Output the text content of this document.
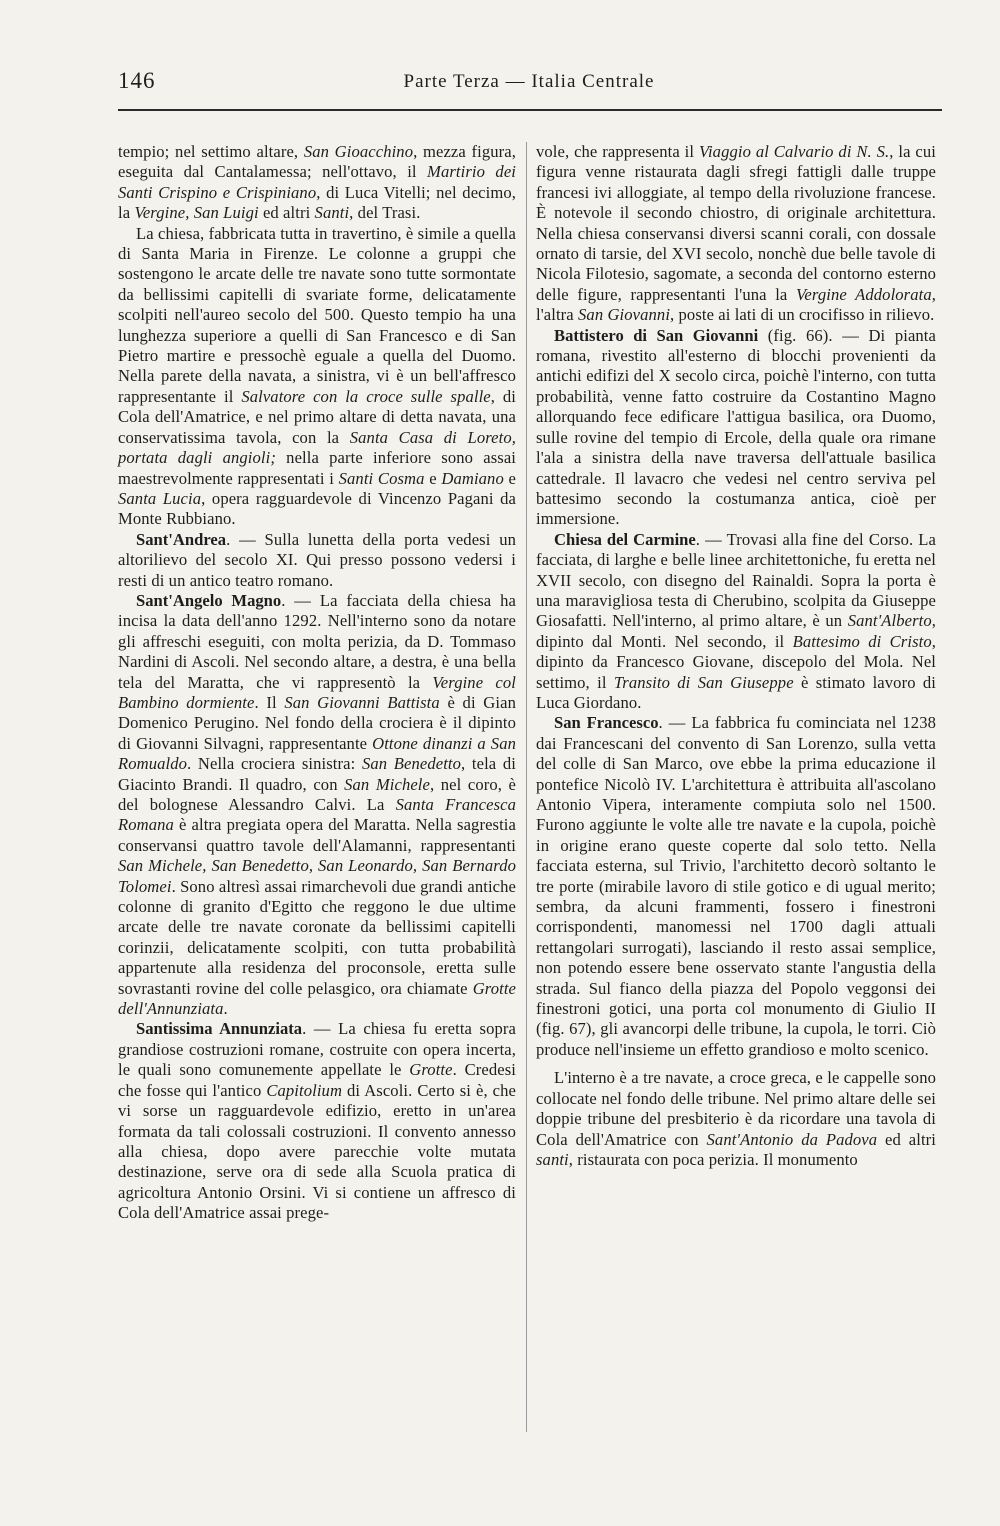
146	Parte Terza — Italia Centrale

tempio; nel settimo altare, San Gioacchino, mezza figura, eseguita dal Cantalamessa; nell'ottavo, il Martirio dei Santi Crispino e Crispiniano, di Luca Vitelli; nel decimo, la Vergine, San Luigi ed altri Santi, del Trasi.

La chiesa, fabbricata tutta in travertino, è simile a quella di Santa Maria in Firenze. Le colonne a gruppi che sostengono le arcate delle tre navate sono tutte sormontate da bellissimi capitelli di svariate forme, delicatamente scolpiti nell'aureo secolo del 500. Questo tempio ha una lunghezza superiore a quelli di San Francesco e di San Pietro martire e pressochè eguale a quella del Duomo. Nella parete della navata, a sinistra, vi è un bell'affresco rappresentante il Salvatore con la croce sulle spalle, di Cola dell'Amatrice, e nel primo altare di detta navata, una conservatissima tavola, con la Santa Casa di Loreto, portata dagli angioli; nella parte inferiore sono assai maestrevolmente rappresentati i Santi Cosma e Damiano e Santa Lucia, opera ragguardevole di Vincenzo Pagani da Monte Rubbiano.

Sant'Andrea. — Sulla lunetta della porta vedesi un altorilievo del secolo XI. Qui presso possono vedersi i resti di un antico teatro romano.

Sant'Angelo Magno. — La facciata della chiesa ha incisa la data dell'anno 1292. Nell'interno sono da notare gli affreschi eseguiti, con molta perizia, da D. Tommaso Nardini di Ascoli. Nel secondo altare, a destra, è una bella tela del Maratta, che vi rappresentò la Vergine col Bambino dormiente. Il San Giovanni Battista è di Gian Domenico Perugino. Nel fondo della crociera è il dipinto di Giovanni Silvagni, rappresentante Ottone dinanzi a San Romualdo. Nella crociera sinistra: San Benedetto, tela di Giacinto Brandi. Il quadro, con San Michele, nel coro, è del bolognese Alessandro Calvi. La Santa Francesca Romana è altra pregiata opera del Maratta. Nella sagrestia conservansi quattro tavole dell'Alamanni, rappresentanti San Michele, San Benedetto, San Leonardo, San Bernardo Tolomei. Sono altresì assai rimarchevoli due grandi antiche colonne di granito d'Egitto che reggono le due ultime arcate delle tre navate coronate da bellissimi capitelli corinzii, delicatamente scolpiti, con tutta probabilità appartenute alla residenza del proconsole, eretta sulle sovrastanti rovine del colle pelasgico, ora chiamate Grotte dell'Annunziata.

Santissima Annunziata. — La chiesa fu eretta sopra grandiose costruzioni romane, costruite con opera incerta, le quali sono comunemente appellate le Grotte. Credesi che fosse qui l'antico Capitolium di Ascoli. Certo si è, che vi sorse un ragguardevole edifizio, eretto in un'area formata da tali colossali costruzioni. Il convento annesso alla chiesa, dopo avere parecchie volte mutata destinazione, serve ora di sede alla Scuola pratica di agricoltura Antonio Orsini. Vi si contiene un affresco di Cola dell'Amatrice assai prege-

vole, che rappresenta il Viaggio al Calvario di N. S., la cui figura venne ristaurata dagli sfregi fattigli dalle truppe francesi ivi alloggiate, al tempo della rivoluzione francese. È notevole il secondo chiostro, di originale architettura. Nella chiesa conservansi diversi scanni corali, con dossale ornato di tarsie, del XVI secolo, nonchè due belle tavole di Nicola Filotesio, sagomate, a seconda del contorno esterno delle figure, rappresentanti l'una la Vergine Addolorata, l'altra San Giovanni, poste ai lati di un crocifisso in rilievo.

Battistero di San Giovanni (fig. 66). — Di pianta romana, rivestito all'esterno di blocchi provenienti da antichi edifizi del X secolo circa, poichè l'interno, con tutta probabilità, venne fatto costruire da Costantino Magno allorquando fece edificare l'attigua basilica, ora Duomo, sulle rovine del tempio di Ercole, della quale ora rimane l'ala a sinistra della nave traversa dell'attuale basilica cattedrale. Il lavacro che vedesi nel centro serviva pel battesimo secondo la costumanza antica, cioè per immersione.

Chiesa del Carmine. — Trovasi alla fine del Corso. La facciata, di larghe e belle linee architettoniche, fu eretta nel XVII secolo, con disegno del Rainaldi. Sopra la porta è una maravigliosa testa di Cherubino, scolpita da Giuseppe Giosafatti. Nell'interno, al primo altare, è un Sant'Alberto, dipinto dal Monti. Nel secondo, il Battesimo di Cristo, dipinto da Francesco Giovane, discepolo del Mola. Nel settimo, il Transito di San Giuseppe è stimato lavoro di Luca Giordano.

San Francesco. — La fabbrica fu cominciata nel 1238 dai Francescani del convento di San Lorenzo, sulla vetta del colle di San Marco, ove ebbe la prima educazione il pontefice Nicolò IV. L'architettura è attribuita all'ascolano Antonio Vipera, interamente compiuta solo nel 1500. Furono aggiunte le volte alle tre navate e la cupola, poichè in origine erano queste coperte dal solo tetto. Nella facciata esterna, sul Trivio, l'architetto decorò soltanto le tre porte (mirabile lavoro di stile gotico e di ugual merito; sembra, da alcuni frammenti, fossero i finestroni corrispondenti, manomessi nel 1700 dagli attuali rettangolari surrogati), lasciando il resto assai semplice, non potendo essere bene osservato stante l'angustia della strada. Sul fianco della piazza del Popolo veggonsi dei finestroni gotici, una porta col monumento di Giulio II (fig. 67), gli avancorpi delle tribune, la cupola, le torri. Ciò produce nell'insieme un effetto grandioso e molto scenico.

L'interno è a tre navate, a croce greca, e le cappelle sono collocate nel fondo delle tribune. Nel primo altare delle sei doppie tribune del presbiterio è da ricordare una tavola di Cola dell'Amatrice con Sant'Antonio da Padova ed altri santi, ristaurata con poca perizia. Il monumento
